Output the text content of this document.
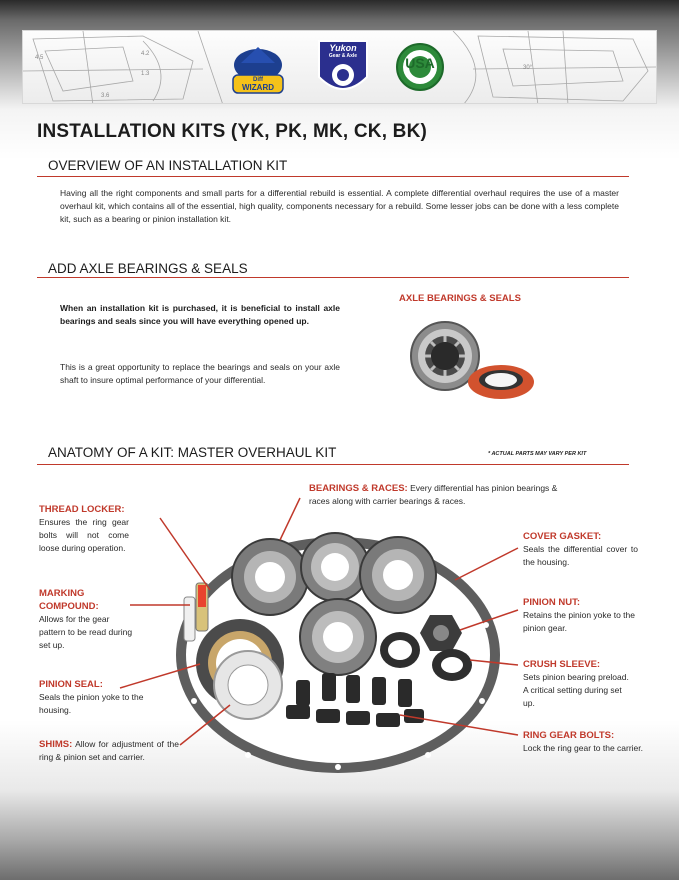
4.5
4.2
1.3
3.6
30°
Diff
WIZARD
Yukon
Gear & Axle	USA
INSTALLATION KITS (YK, PK, MK, CK, BK)
OVERVIEW OF AN INSTALLATION KIT

Having all the right components and small parts for a differential rebuild is essential. A complete differential overhaul requires the use of a master overhaul kit, which contains all of the essential, high quality, components necessary for a rebuild. Some lesser jobs can be done with a less complete kit, such as a bearing or pinion installation kit.

ADD AXLE BEARINGS & SEALS

When an installation kit is purchased, it is beneficial to install axle bearings and seals since you will have everything opened up.

This is a great opportunity to replace the bearings and seals on your axle shaft to insure optimal performance of your differential.

AXLE BEARINGS & SEALS
ANATOMY OF A KIT: MASTER OVERHAUL KIT	* ACTUAL PARTS MAY VARY PER KIT
BEARINGS & RACES: Every differential has pinion bearings & races along with carrier bearings & races.
THREAD LOCKER:
Ensures the ring gear bolts will not come loose during operation.
MARKING COMPOUND:
Allows for the gear pattern to be read during set up.
PINION SEAL:
Seals the pinion yoke to the housing.
SHIMS: Allow for adjustment of the ring & pinion set and carrier.
COVER GASKET:
Seals the differential cover to the housing.
PINION NUT:
Retains the pinion yoke to the pinion gear.
CRUSH SLEEVE:
Sets pinion bearing preload. A critical setting during set up.
RING GEAR BOLTS:
Lock the ring gear to the carrier.
